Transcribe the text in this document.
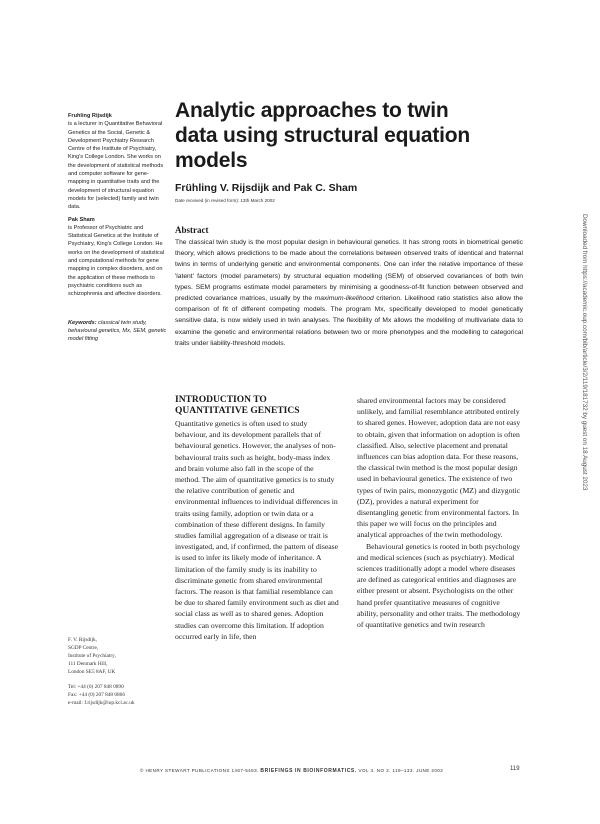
Fruhling Rijsdijk
is a lecturer in Quantitative Behavioral Genetics at the Social, Genetic & Development Psychiatry Research Centre of the Institute of Psychiatry, King's College London. She works on the development of statistical methods and computer software for gene-mapping in quantitative traits and the development of structural equation models for (selected) family and twin data.

Pak Sham
is Professor of Psychiatric and Statistical Genetics at the Institute of Psychiatry, King's College London. He works on the development of statistical and computational methods for gene mapping in complex disorders, and on the application of these methods to psychiatric conditions such as schizophrenia and affective disorders.

Keywords: classical twin study, behavioural genetics, Mx, SEM, genetic model fitting

F. V. Rijsdijk,
SGDP Centre,
Institute of Psychiatry,
111 Denmark Hill,
London SE5 8AF, UK
Tel: +44 (0) 207 848 0890
Fax: +44 (0) 207 848 0866
e-mail: f.rijsdijk@iop.kcl.ac.uk
Analytic approaches to twin data using structural equation models
Frühling V. Rijsdijk and Pak C. Sham
Date received (in revised form): 13th March 2002
Abstract

The classical twin study is the most popular design in behavioural genetics. It has strong roots in biometrical genetic theory, which allows predictions to be made about the correlations between observed traits of identical and fraternal twins in terms of underlying genetic and environmental components. One can infer the relative importance of these 'latent' factors (model parameters) by structural equation modelling (SEM) of observed covariances of both twin types. SEM programs estimate model parameters by minimising a goodness-of-fit function between observed and predicted covariance matrices, usually by the maximum-likelihood criterion. Likelihood ratio statistics also allow the comparison of fit of different competing models. The program Mx, specifically developed to model genetically sensitive data, is now widely used in twin analyses. The flexibility of Mx allows the modelling of multivariate data to examine the genetic and environmental relations between two or more phenotypes and the modelling to categorical traits under liability-threshold models.

INTRODUCTION TO QUANTITATIVE GENETICS

Quantitative genetics is often used to study behaviour, and its development parallels that of behavioural genetics. However, the analyses of non-behavioural traits such as height, body-mass index and brain volume also fall in the scope of the method. The aim of quantitative genetics is to study the relative contribution of genetic and environmental influences to individual differences in traits using family, adoption or twin data or a combination of these different designs. In family studies familial aggregation of a disease or trait is investigated, and, if confirmed, the pattern of disease is used to infer its likely mode of inheritance. A limitation of the family study is its inability to discriminate genetic from shared environmental factors. The reason is that familial resemblance can be due to shared family environment such as diet and social class as well as to shared genes. Adoption studies can overcome this limitation. If adoption occurred early in life, then

shared environmental factors may be considered unlikely, and familial resemblance attributed entirely to shared genes. However, adoption data are not easy to obtain, given that information on adoption is often classified. Also, selective placement and prenatal influences can bias adoption data. For these reasons, the classical twin method is the most popular design used in behavioural genetics. The existence of two types of twin pairs, monozygotic (MZ) and dizygotic (DZ), provides a natural experiment for disentangling genetic from environmental factors. In this paper we will focus on the principles and analytical approaches of the twin methodology.

Behavioural genetics is rooted in both psychology and medical sciences (such as psychiatry). Medical sciences traditionally adopt a model where diseases are defined as categorical entities and diagnoses are either present or absent. Psychologists on the other hand prefer quantitative measures of cognitive ability, personality and other traits. The methodology of quantitative genetics and twin research

© HENRY STEWART PUBLICATIONS 1467-5463. BRIEFINGS IN BIOINFORMATICS. VOL 3. NO 2. 119–133. JUNE 2002	119
Downloaded from https://academic.oup.com/bib/article/3/2/119/181732 by guest on 18 August 2023
